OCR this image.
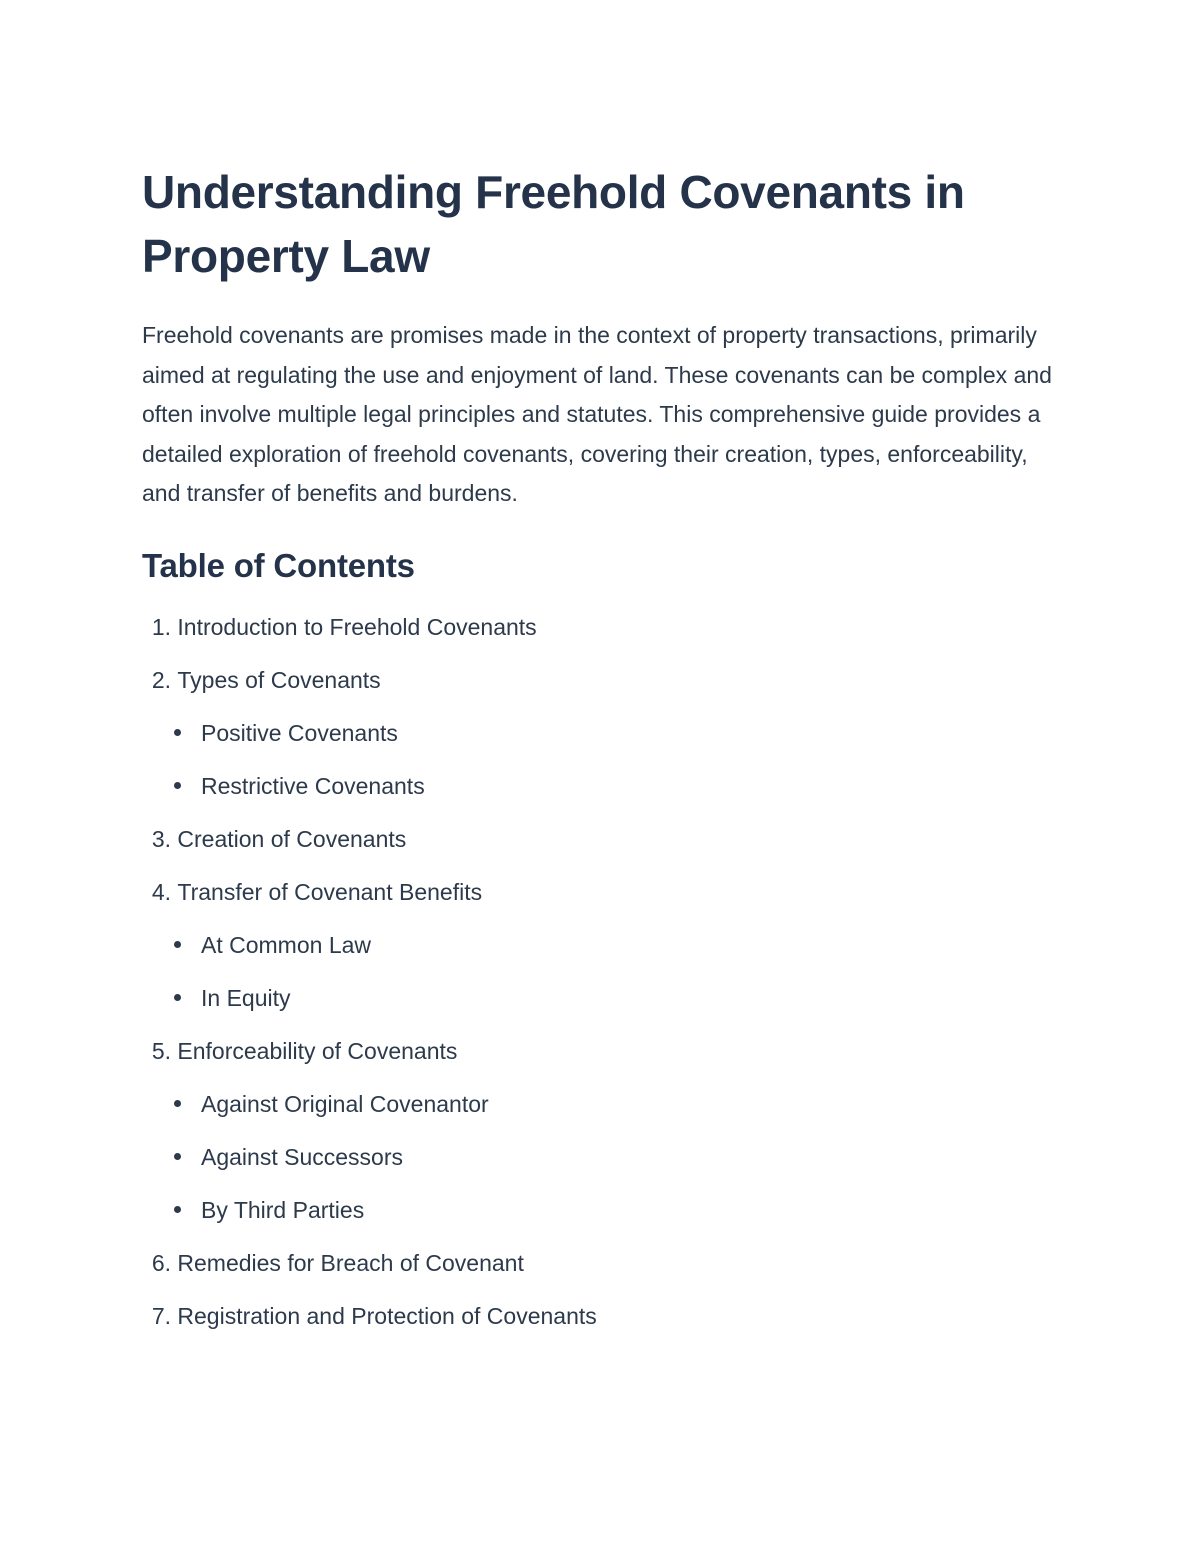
Understanding Freehold Covenants in Property Law

Freehold covenants are promises made in the context of property transactions, primarily aimed at regulating the use and enjoyment of land. These covenants can be complex and often involve multiple legal principles and statutes. This comprehensive guide provides a detailed exploration of freehold covenants, covering their creation, types, enforceability, and transfer of benefits and burdens.

Table of Contents
1.
Introduction to Freehold Covenants
2.
Types of Covenants
Positive Covenants
Restrictive Covenants
3.
Creation of Covenants
4.
Transfer of Covenant Benefits
At Common Law
In Equity
5.
Enforceability of Covenants
Against Original Covenantor
Against Successors
By Third Parties
6.
Remedies for Breach of Covenant
7.
Registration and Protection of Covenants
